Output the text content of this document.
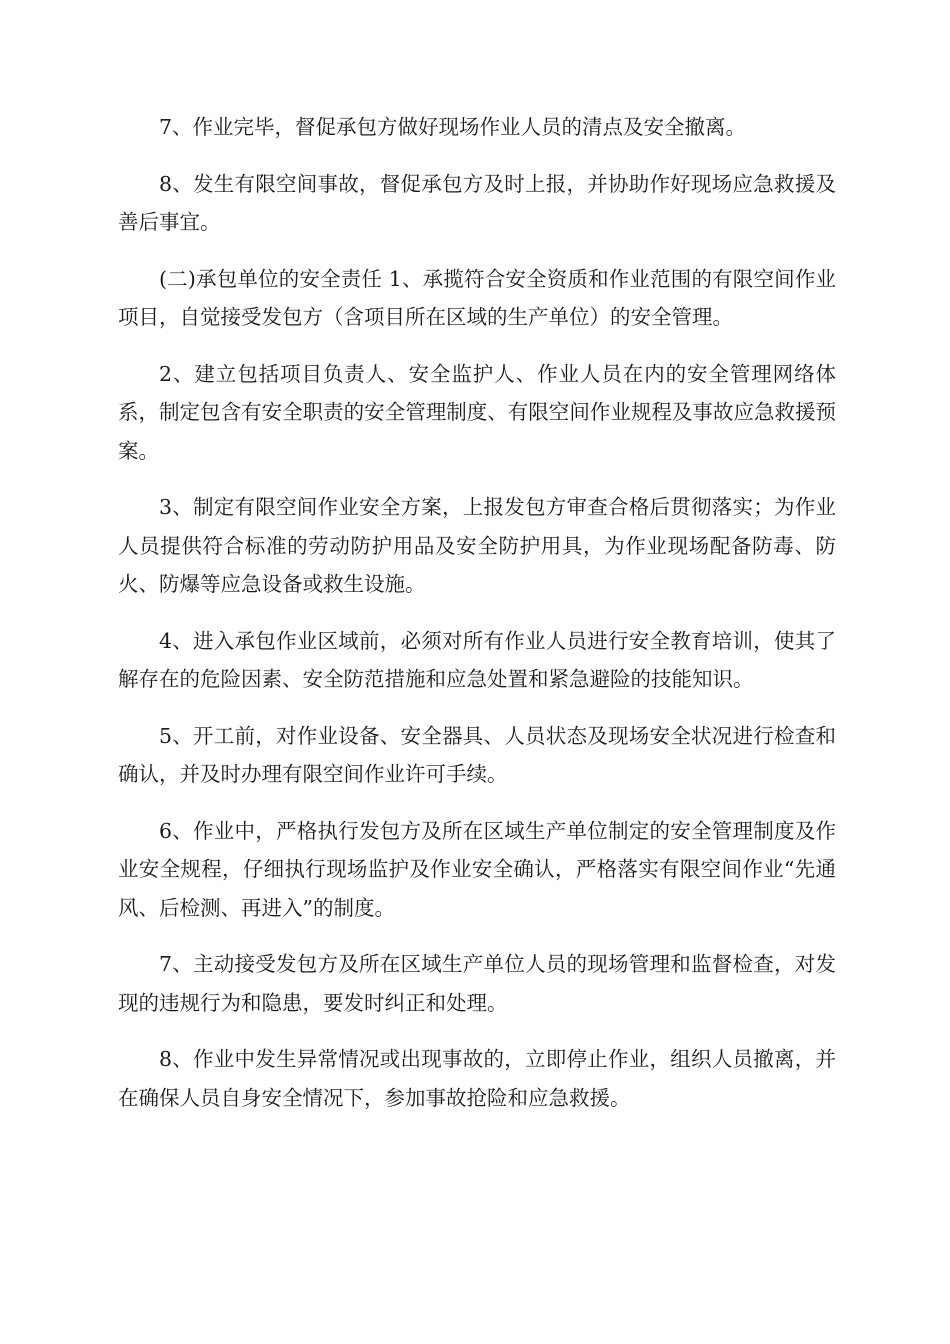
7、作业完毕，督促承包方做好现场作业人员的清点及安全撤离。

8、发生有限空间事故，督促承包方及时上报，并协助作好现场应急救援及善后事宜。

(二)承包单位的安全责任 1、承揽符合安全资质和作业范围的有限空间作业项目，自觉接受发包方（含项目所在区域的生产单位）的安全管理。

2、建立包括项目负责人、安全监护人、作业人员在内的安全管理网络体系，制定包含有安全职责的安全管理制度、有限空间作业规程及事故应急救援预案。

3、制定有限空间作业安全方案，上报发包方审查合格后贯彻落实；为作业人员提供符合标准的劳动防护用品及安全防护用具，为作业现场配备防毒、防火、防爆等应急设备或救生设施。

4、进入承包作业区域前，必须对所有作业人员进行安全教育培训，使其了解存在的危险因素、安全防范措施和应急处置和紧急避险的技能知识。

5、开工前，对作业设备、安全器具、人员状态及现场安全状况进行检查和确认，并及时办理有限空间作业许可手续。

6、作业中，严格执行发包方及所在区域生产单位制定的安全管理制度及作业安全规程，仔细执行现场监护及作业安全确认，严格落实有限空间作业“先通风、后检测、再进入”的制度。

7、主动接受发包方及所在区域生产单位人员的现场管理和监督检查，对发现的违规行为和隐患，要发时纠正和处理。

8、作业中发生异常情况或出现事故的，立即停止作业，组织人员撤离，并在确保人员自身安全情况下，参加事故抢险和应急救援。
